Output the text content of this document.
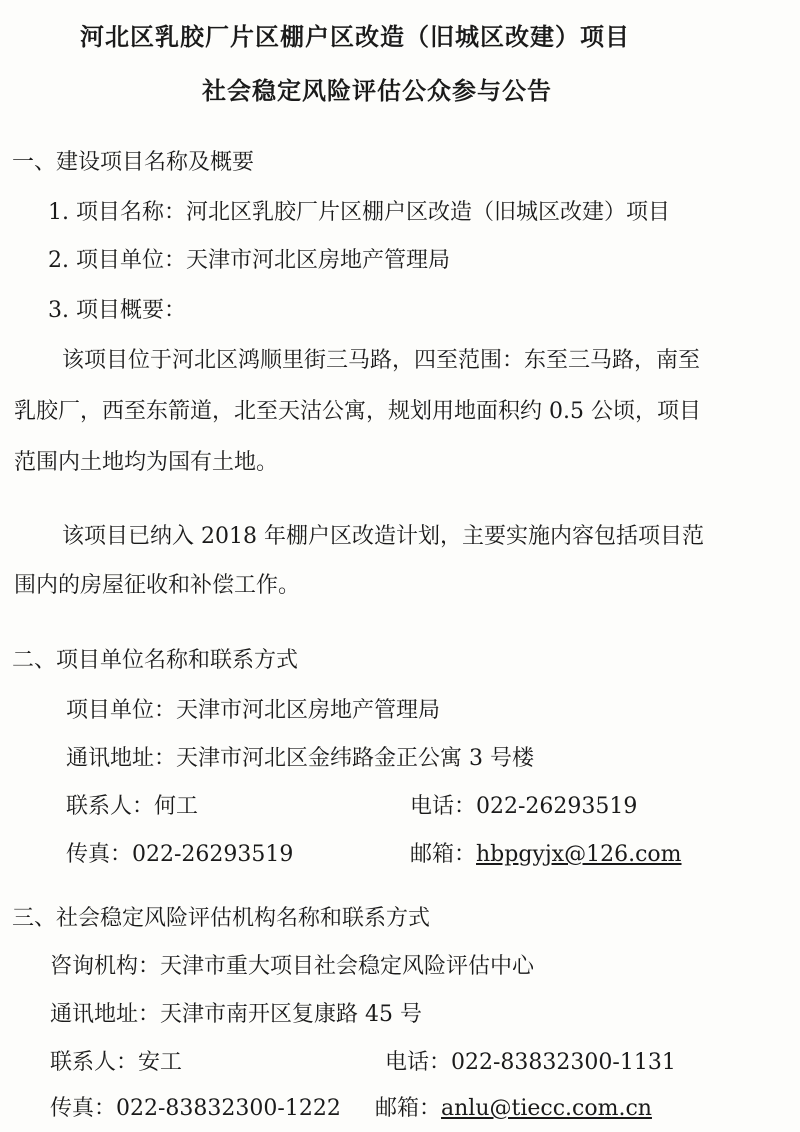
河北区乳胶厂片区棚户区改造（旧城区改建）项目
社会稳定风险评估公众参与公告
一、建设项目名称及概要
1. 项目名称：河北区乳胶厂片区棚户区改造（旧城区改建）项目
2. 项目单位：天津市河北区房地产管理局
3. 项目概要：
该项目位于河北区鸿顺里街三马路，四至范围：东至三马路，南至
乳胶厂，西至东箭道，北至天沽公寓，规划用地面积约 0.5 公顷，项目
范围内土地均为国有土地。
该项目已纳入 2018 年棚户区改造计划，主要实施内容包括项目范
围内的房屋征收和补偿工作。
二、项目单位名称和联系方式
项目单位：天津市河北区房地产管理局
通讯地址：天津市河北区金纬路金正公寓 3 号楼
联系人：何工	电话：022-26293519
传真：022-26293519	邮箱：hbpgyjx@126.com
三、社会稳定风险评估机构名称和联系方式
咨询机构：天津市重大项目社会稳定风险评估中心
通讯地址：天津市南开区复康路 45 号
联系人：安工	电话：022-83832300-1131
传真：022-83832300-1222 邮箱：anlu@tiecc.com.cn
